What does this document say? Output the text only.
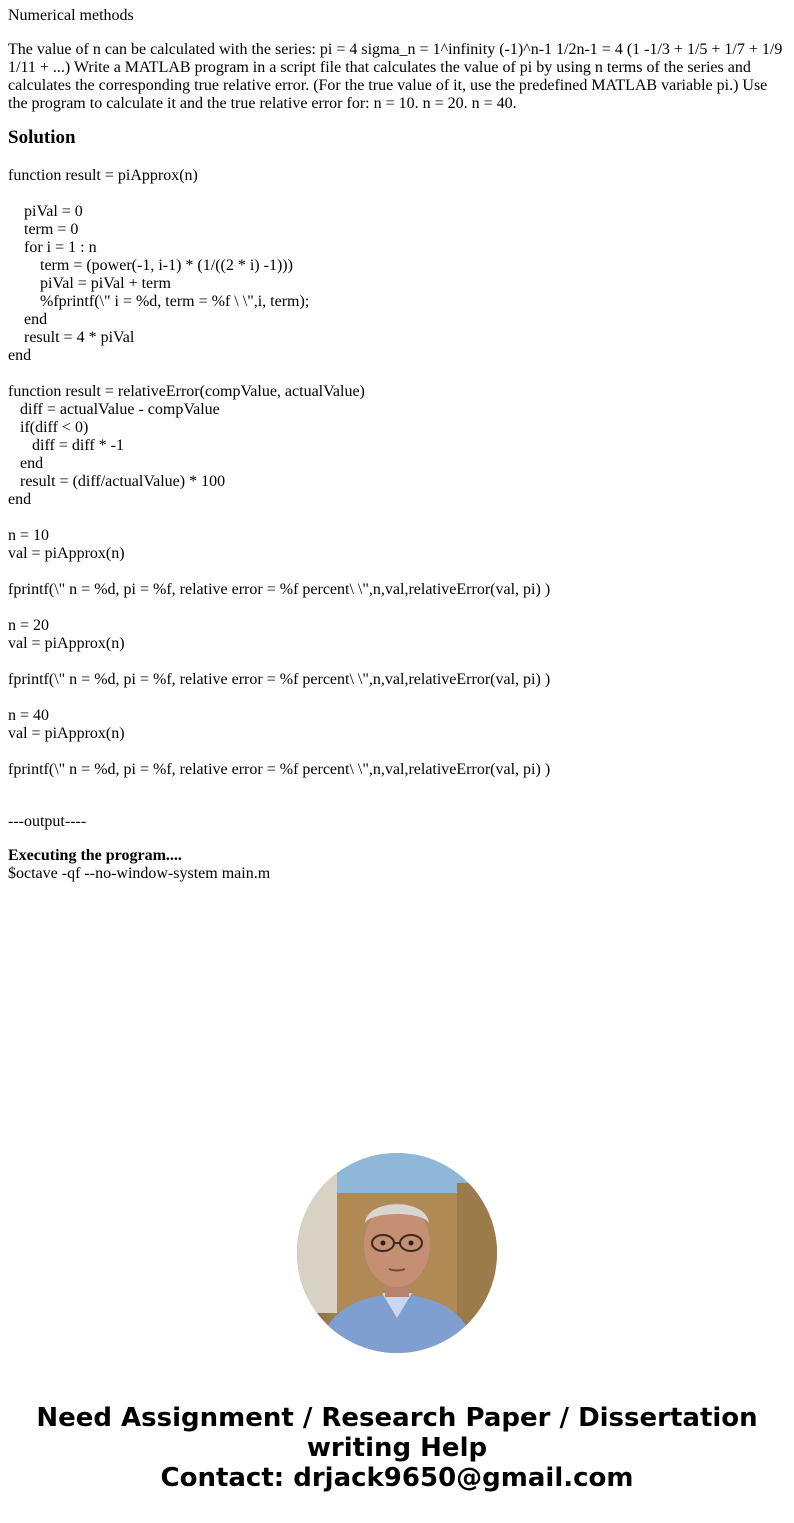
Numerical methods

The value of n can be calculated with the series: pi = 4 sigma_n = 1^infinity (-1)^n-1 1/2n-1 = 4 (1 -1/3 + 1/5 + 1/7 + 1/9 1/11 + ...) Write a MATLAB program in a script file that calculates the value of pi by using n terms of the series and calculates the corresponding true relative error. (For the true value of it, use the predefined MATLAB variable pi.) Use the program to calculate it and the true relative error for: n = 10. n = 20. n = 40.

Solution
function result = piApprox(n)
piVal = 0
term = 0
for i = 1 : n
term = (power(-1, i-1) * (1/((2 * i) -1)))
piVal = piVal + term
%fprintf(\" i = %d, term = %f \ \",i, term);
end
result = 4 * piVal
end
function result = relativeError(compValue, actualValue)
diff = actualValue - compValue
if(diff < 0)
diff = diff * -1
end
result = (diff/actualValue) * 100
end
n = 10
val = piApprox(n)
fprintf(\" n = %d, pi = %f, relative error = %f percent\ \",n,val,relativeError(val, pi) )
n = 20
val = piApprox(n)
fprintf(\" n = %d, pi = %f, relative error = %f percent\ \",n,val,relativeError(val, pi) )
n = 40
val = piApprox(n)
fprintf(\" n = %d, pi = %f, relative error = %f percent\ \",n,val,relativeError(val, pi) )
---output----
Executing the program....
$octave -qf --no-window-system main.m
Need Assignment / Research Paper / Dissertation
writing Help
Contact: drjack9650@gmail.com
